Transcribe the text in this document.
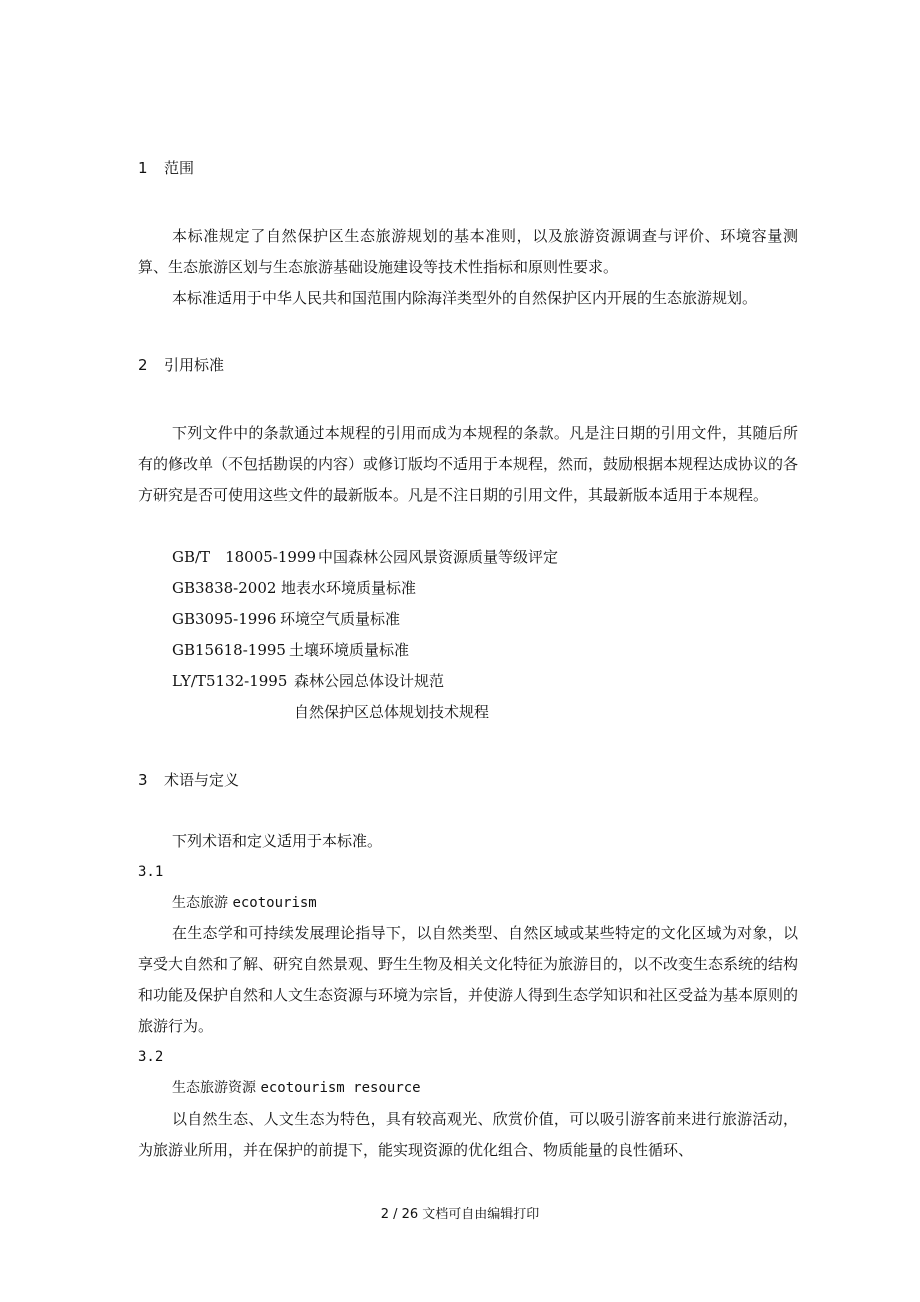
1 范围

本标准规定了自然保护区生态旅游规划的基本准则，以及旅游资源调查与评价、环境容量测算、生态旅游区划与生态旅游基础设施建设等技术性指标和原则性要求。

本标准适用于中华人民共和国范围内除海洋类型外的自然保护区内开展的生态旅游规划。

2 引用标准

下列文件中的条款通过本规程的引用而成为本规程的条款。凡是注日期的引用文件，其随后所有的修改单（不包括勘误的内容）或修订版均不适用于本规程，然而，鼓励根据本规程达成协议的各方研究是否可使用这些文件的最新版本。凡是不注日期的引用文件，其最新版本适用于本规程。

GB/T　18005-1999 中国森林公园风景资源质量等级评定
GB3838-2002 地表水环境质量标准
GB3095-1996 环境空气质量标准
GB15618-1995 土壤环境质量标准
LY/T5132-1995 森林公园总体设计规范
自然保护区总体规划技术规程
3 术语与定义

下列术语和定义适用于本标准。

3.1
生态旅游 ecotourism

在生态学和可持续发展理论指导下，以自然类型、自然区域或某些特定的文化区域为对象，以享受大自然和了解、研究自然景观、野生生物及相关文化特征为旅游目的，以不改变生态系统的结构和功能及保护自然和人文生态资源与环境为宗旨，并使游人得到生态学知识和社区受益为基本原则的旅游行为。

3.2
生态旅游资源 ecotourism resource

以自然生态、人文生态为特色，具有较高观光、欣赏价值，可以吸引游客前来进行旅游活动，为旅游业所用，并在保护的前提下，能实现资源的优化组合、物质能量的良性循环、

2 / 26 文档可自由编辑打印
